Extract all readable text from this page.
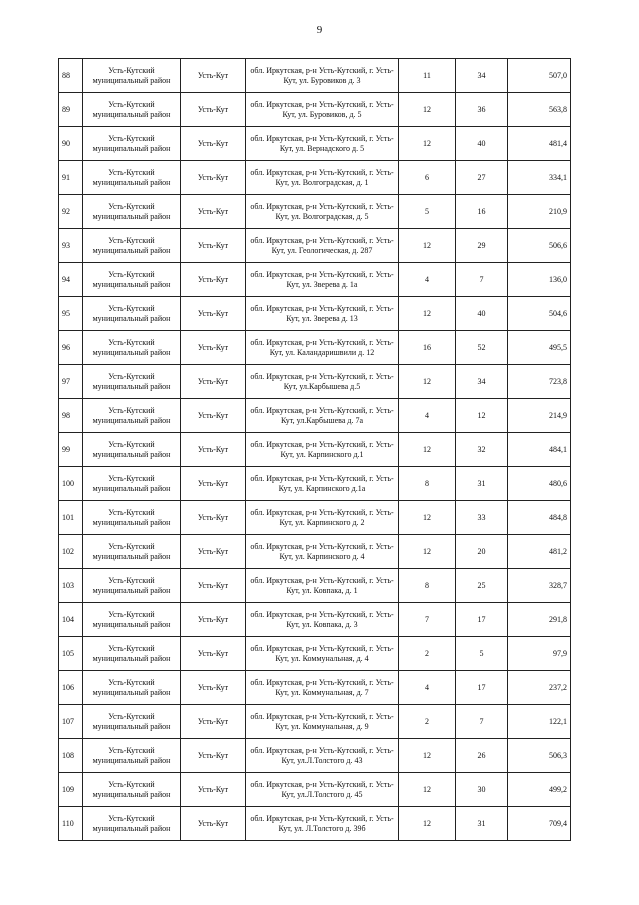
9
88	Усть-Кутский муниципальный район	Усть-Кут	обл. Иркутская, р-н Усть-Кутский, г. Усть-Кут, ул. Буровиков д. 3	11	34	507,0
89	Усть-Кутский муниципальный район	Усть-Кут	обл. Иркутская, р-н Усть-Кутский, г. Усть-Кут, ул. Буровиков, д. 5	12	36	563,8
90	Усть-Кутский муниципальный район	Усть-Кут	обл. Иркутская, р-н Усть-Кутский, г. Усть-Кут, ул. Вернадского д. 5	12	40	481,4
91	Усть-Кутский муниципальный район	Усть-Кут	обл. Иркутская, р-н Усть-Кутский, г. Усть-Кут, ул. Волгоградская, д. 1	6	27	334,1
92	Усть-Кутский муниципальный район	Усть-Кут	обл. Иркутская, р-н Усть-Кутский, г. Усть-Кут, ул. Волгоградская, д. 5	5	16	210,9
93	Усть-Кутский муниципальный район	Усть-Кут	обл. Иркутская, р-н Усть-Кутский, г. Усть-Кут, ул. Геологическая, д. 287	12	29	506,6
94	Усть-Кутский муниципальный район	Усть-Кут	обл. Иркутская, р-н Усть-Кутский, г. Усть-Кут, ул. Зверева д. 1а	4	7	136,0
95	Усть-Кутский муниципальный район	Усть-Кут	обл. Иркутская, р-н Усть-Кутский, г. Усть-Кут, ул. Зверева д. 13	12	40	504,6
96	Усть-Кутский муниципальный район	Усть-Кут	обл. Иркутская, р-н Усть-Кутский, г. Усть-Кут, ул. Каландаришвили д. 12	16	52	495,5
97	Усть-Кутский муниципальный район	Усть-Кут	обл. Иркутская, р-н Усть-Кутский, г. Усть-Кут, ул.Карбышева д.5	12	34	723,8
98	Усть-Кутский муниципальный район	Усть-Кут	обл. Иркутская, р-н Усть-Кутский, г. Усть-Кут, ул.Карбышева д. 7а	4	12	214,9
99	Усть-Кутский муниципальный район	Усть-Кут	обл. Иркутская, р-н Усть-Кутский, г. Усть-Кут, ул. Карпинского д.1	12	32	484,1
100	Усть-Кутский муниципальный район	Усть-Кут	обл. Иркутская, р-н Усть-Кутский, г. Усть-Кут, ул. Карпинского д.1а	8	31	480,6
101	Усть-Кутский муниципальный район	Усть-Кут	обл. Иркутская, р-н Усть-Кутский, г. Усть-Кут, ул. Карпинского д. 2	12	33	484,8
102	Усть-Кутский муниципальный район	Усть-Кут	обл. Иркутская, р-н Усть-Кутский, г. Усть-Кут, ул. Карпинского д. 4	12	20	481,2
103	Усть-Кутский муниципальный район	Усть-Кут	обл. Иркутская, р-н Усть-Кутский, г. Усть-Кут, ул. Ковпака, д. 1	8	25	328,7
104	Усть-Кутский муниципальный район	Усть-Кут	обл. Иркутская, р-н Усть-Кутский, г. Усть-Кут, ул. Ковпака, д. 3	7	17	291,8
105	Усть-Кутский муниципальный район	Усть-Кут	обл. Иркутская, р-н Усть-Кутский, г. Усть-Кут, ул. Коммунальная, д. 4	2	5	97,9
106	Усть-Кутский муниципальный район	Усть-Кут	обл. Иркутская, р-н Усть-Кутский, г. Усть-Кут, ул. Коммунальная, д. 7	4	17	237,2
107	Усть-Кутский муниципальный район	Усть-Кут	обл. Иркутская, р-н Усть-Кутский, г. Усть-Кут, ул. Коммунальная, д. 9	2	7	122,1
108	Усть-Кутский муниципальный район	Усть-Кут	обл. Иркутская, р-н Усть-Кутский, г. Усть-Кут, ул.Л.Толстого д. 43	12	26	506,3
109	Усть-Кутский муниципальный район	Усть-Кут	обл. Иркутская, р-н Усть-Кутский, г. Усть-Кут, ул.Л.Толстого д. 45	12	30	499,2
110	Усть-Кутский муниципальный район	Усть-Кут	обл. Иркутская, р-н Усть-Кутский, г. Усть-Кут, ул. Л.Толстого д. 39б	12	31	709,4
